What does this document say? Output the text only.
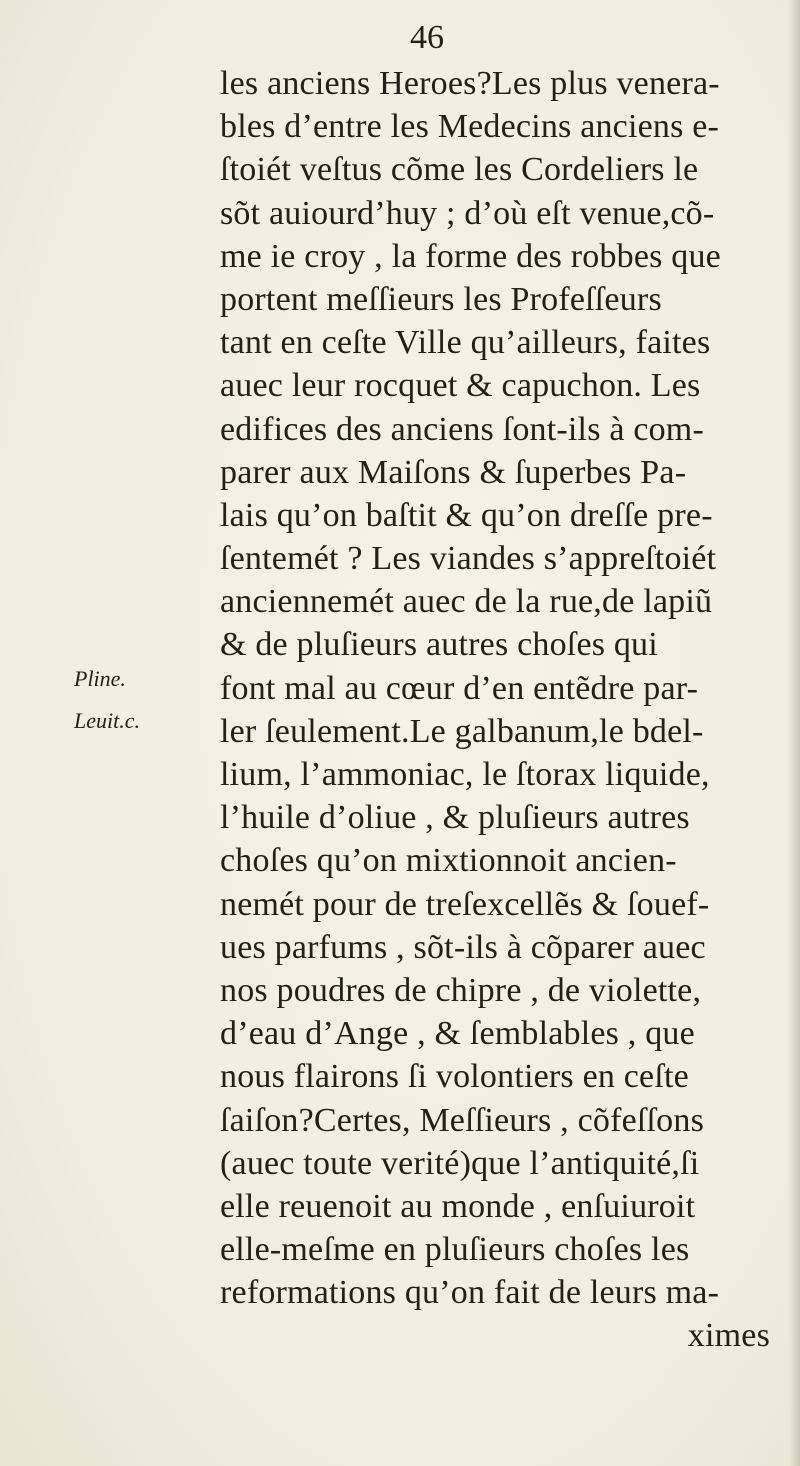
46
Pline.
Leuit.c.
les anciens Heroes?Les plus venera-
bles d’entre les Medecins anciens e-
ſtoiét veſtus cõme les Cordeliers le
sõt auiourd’huy ; d’où eſt venue,cõ-
me ie croy , la forme des robbes que
portent meſſieurs les Profeſſeurs
tant en ceſte Ville qu’ailleurs, faites
auec leur rocquet & capuchon. Les
edifices des anciens ſont-ils à com-
parer aux Maiſons & ſuperbes Pa-
lais qu’on baſtit & qu’on dreſſe pre-
ſentemét ? Les viandes s’appreſtoiét
anciennemét auec de la rue,de lapiũ
& de pluſieurs autres choſes qui
font mal au cœur d’en entẽdre par-
ler ſeulement.Le galbanum,le bdel-
lium, l’ammoniac, le ſtorax liquide,
l’huile d’oliue , & pluſieurs autres
choſes qu’on mixtionnoit ancien-
nemét pour de treſexcellẽs & ſouef-
ues parfums , sõt-ils à cõparer auec
nos poudres de chipre , de violette,
d’eau d’Ange , & ſemblables , que
nous flairons ſi volontiers en ceſte
ſaiſon?Certes, Meſſieurs , cõfeſſons
(auec toute verité)que l’antiquité,ſi
elle reuenoit au monde , enſuiuroit
elle-meſme en pluſieurs choſes les
reformations qu’on fait de leurs ma-
ximes
